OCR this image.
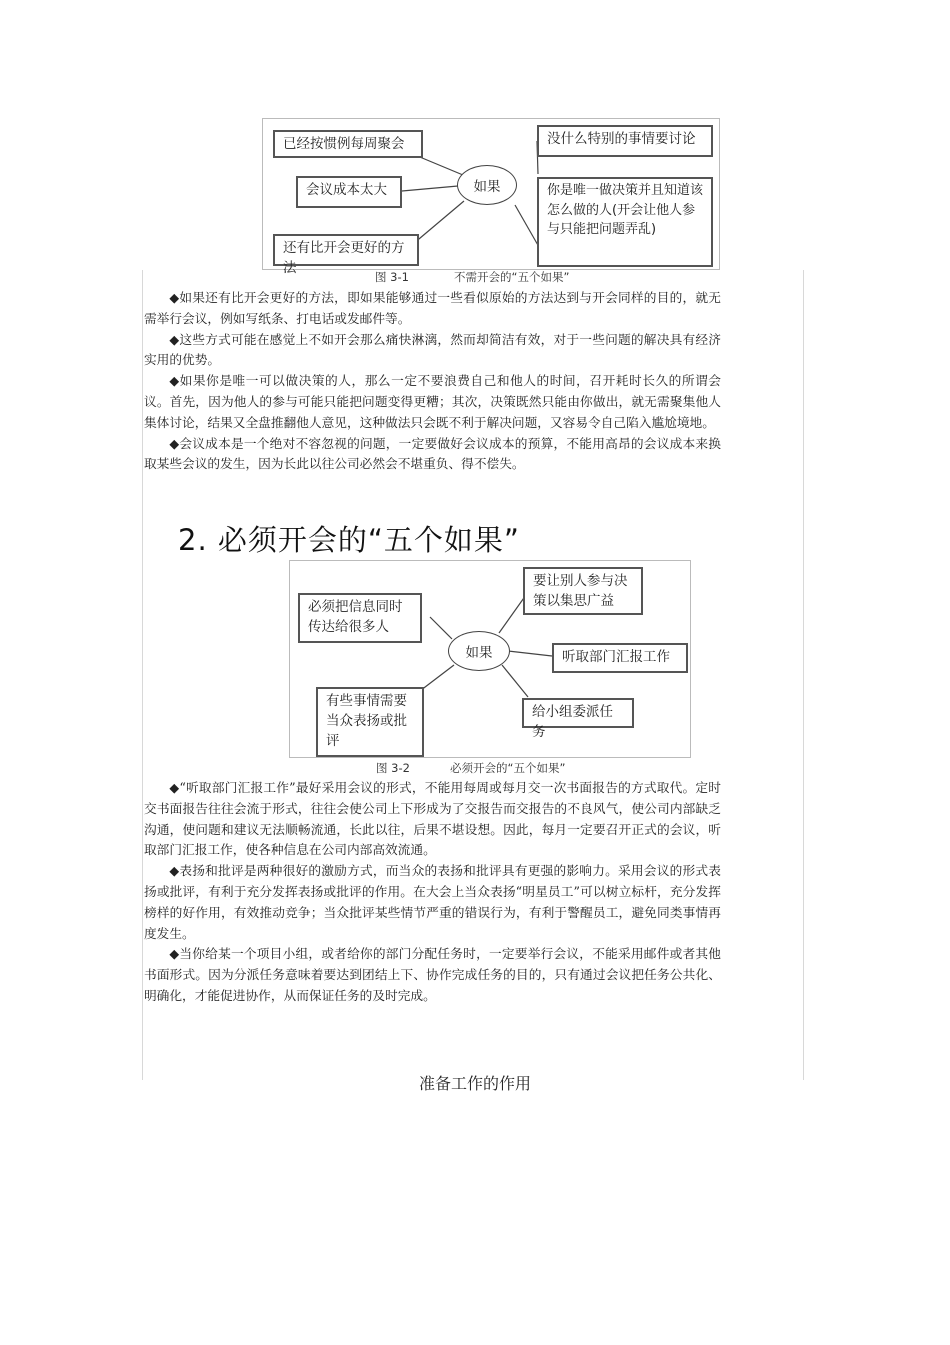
如果
已经按惯例每周聚会	没什么特别的事情要讨论
会议成本太大	你是唯一做决策并且知道该怎么做的人(开会让他人参与只能把问题弄乱)
还有比开会更好的方法
图 3-1	不需开会的“五个如果”

◆如果还有比开会更好的方法，即如果能够通过一些看似原始的方法达到与开会同样的目的，就无需举行会议，例如写纸条、打电话或发邮件等。

◆这些方式可能在感觉上不如开会那么痛快淋漓，然而却简洁有效，对于一些问题的解决具有经济实用的优势。

◆如果你是唯一可以做决策的人，那么一定不要浪费自己和他人的时间，召开耗时长久的所谓会议。首先，因为他人的参与可能只能把问题变得更糟；其次，决策既然只能由你做出，就无需聚集他人集体讨论，结果又全盘推翻他人意见，这种做法只会既不利于解决问题，又容易令自己陷入尴尬境地。

◆会议成本是一个绝对不容忽视的问题，一定要做好会议成本的预算，不能用高昂的会议成本来换取某些会议的发生，因为长此以往公司必然会不堪重负、得不偿失。

2. 必须开会的“五个如果”
如果
必须把信息同时传达给很多人
要让别人参与决策以集思广益
听取部门汇报工作
有些事情需要当众表扬或批评
给小组委派任务
图 3-2	必须开会的“五个如果”

◆“听取部门汇报工作”最好采用会议的形式，不能用每周或每月交一次书面报告的方式取代。定时交书面报告往往会流于形式，往往会使公司上下形成为了交报告而交报告的不良风气，使公司内部缺乏沟通，使问题和建议无法顺畅流通，长此以往，后果不堪设想。因此，每月一定要召开正式的会议，听取部门汇报工作，使各种信息在公司内部高效流通。

◆表扬和批评是两种很好的激励方式，而当众的表扬和批评具有更强的影响力。采用会议的形式表扬或批评，有利于充分发挥表扬或批评的作用。在大会上当众表扬“明星员工”可以树立标杆，充分发挥榜样的好作用，有效推动竞争；当众批评某些情节严重的错误行为，有利于警醒员工，避免同类事情再度发生。

◆当你给某一个项目小组，或者给你的部门分配任务时，一定要举行会议，不能采用邮件或者其他书面形式。因为分派任务意味着要达到团结上下、协作完成任务的目的，只有通过会议把任务公共化、明确化，才能促进协作，从而保证任务的及时完成。

准备工作的作用
